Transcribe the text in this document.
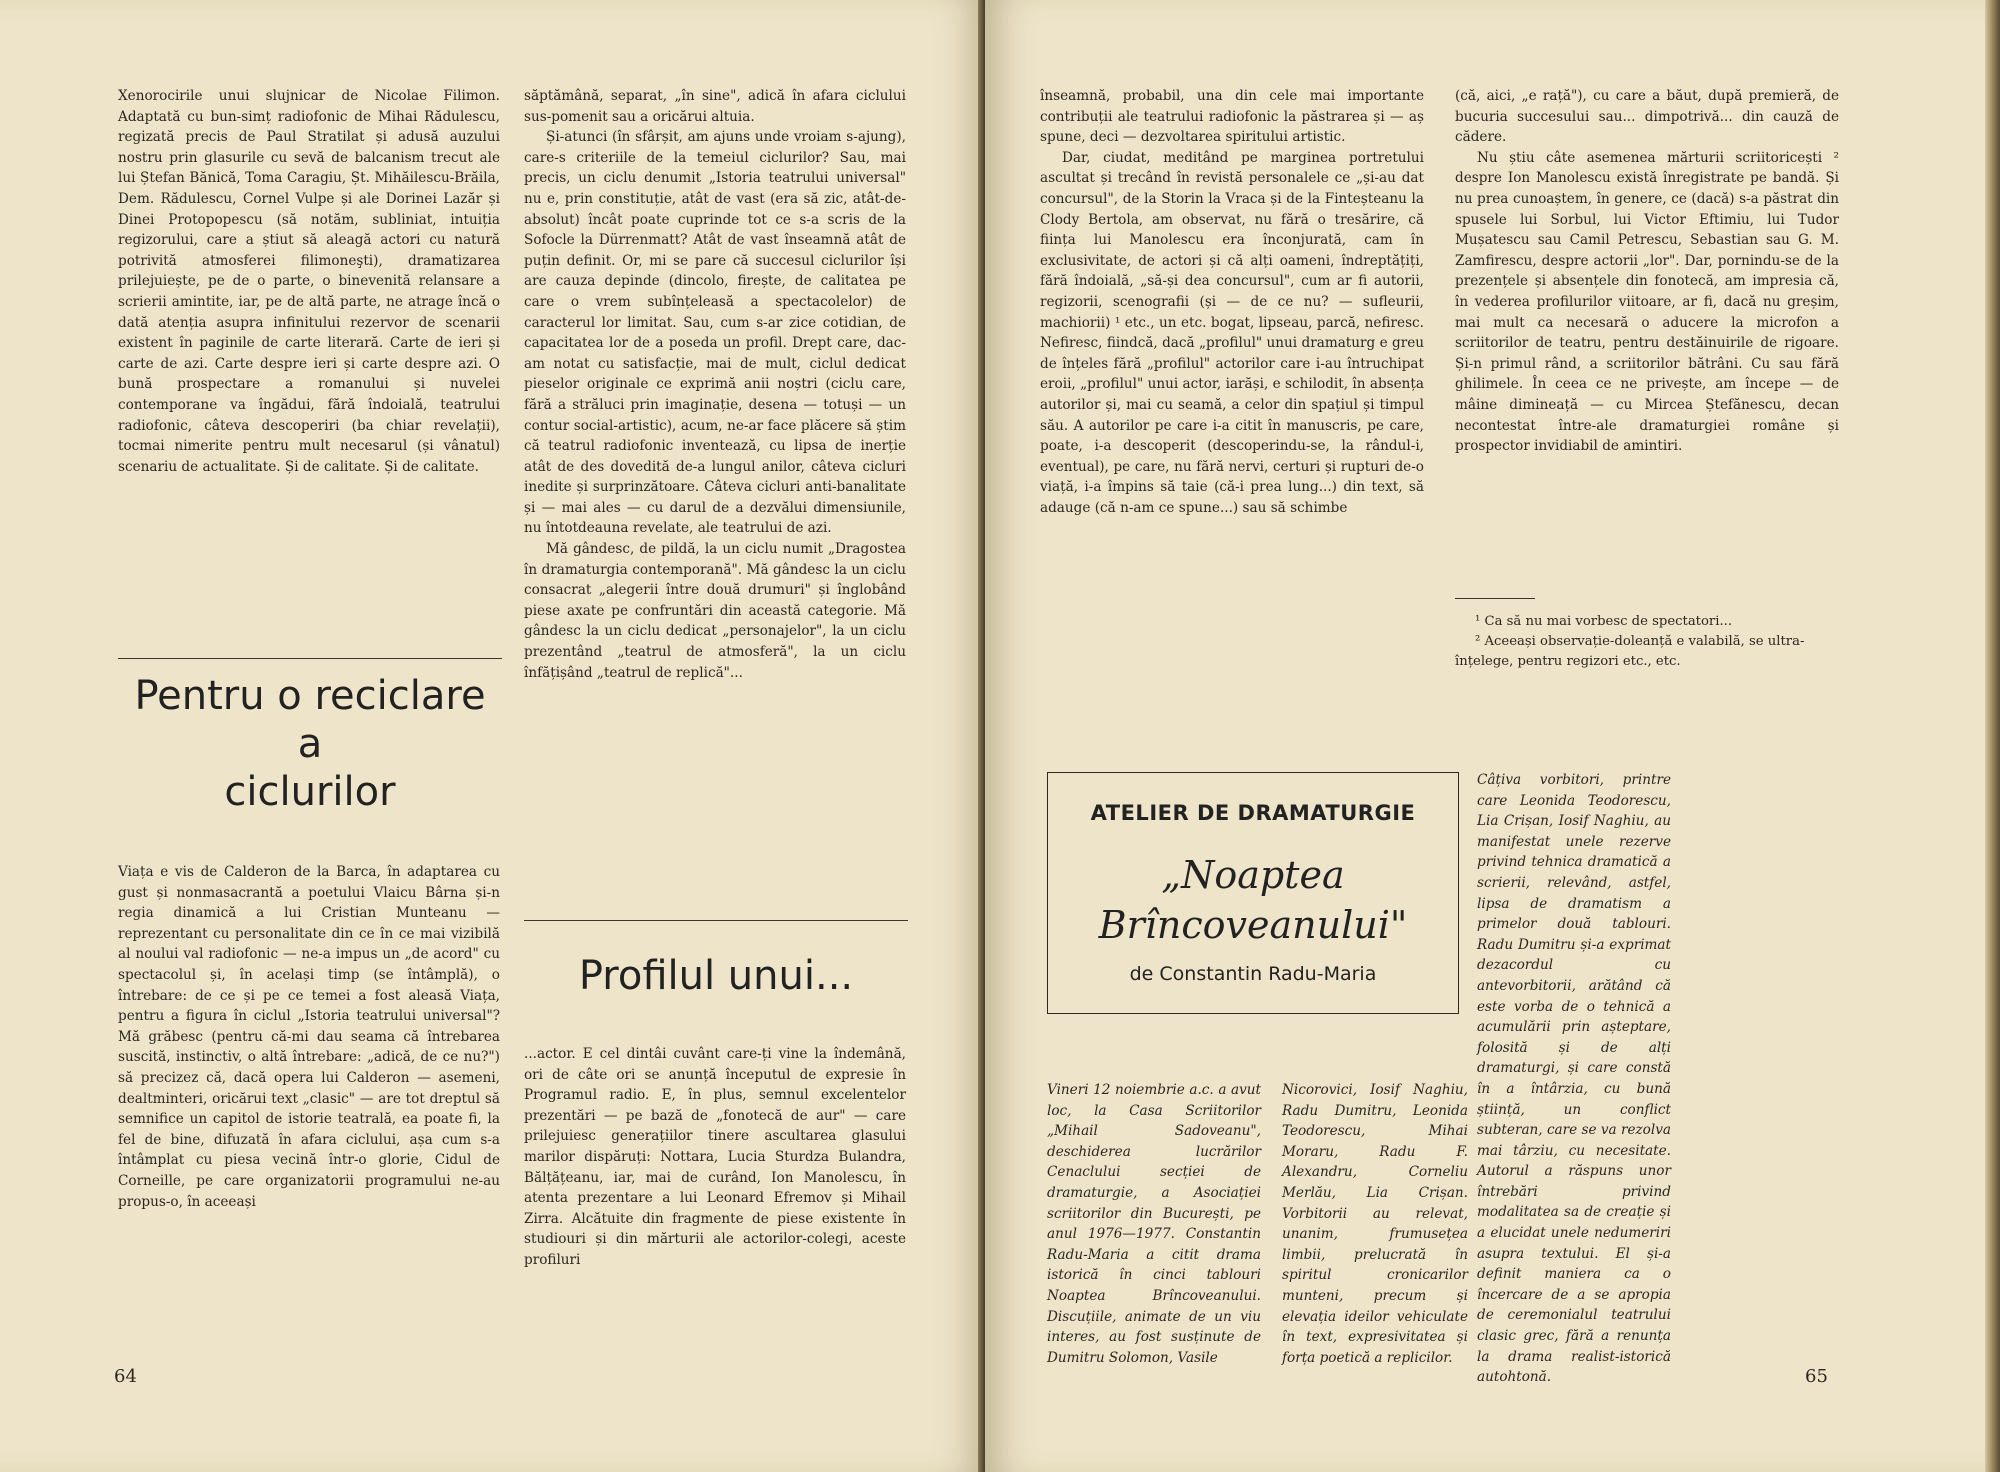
Xenorocirile unui slujnicar de Nicolae Filimon. Adaptată cu bun-simț radiofonic de Mihai Rădulescu, regizată precis de Paul Stratilat și adusă auzului nostru prin glasurile cu sevă de balcanism trecut ale lui Ștefan Bănică, Toma Caragiu, Șt. Mihăilescu-Brăila, Dem. Rădulescu, Cornel Vulpe și ale Dorinei Lazăr și Dinei Protopopescu (să notăm, subliniat, intuiția regizorului, care a știut să aleagă actori cu natură potrivită atmosferei filimoneşti), dramatizarea prilejuiește, pe de o parte, o binevenită relansare a scrierii amintite, iar, pe de altă parte, ne atrage încă o dată atenția asupra infinitului rezervor de scenarii existent în paginile de carte literară. Carte de ieri și carte de azi. Carte despre ieri și carte despre azi. O bună prospectare a romanului și nuvelei contemporane va îngădui, fără îndoială, teatrului radiofonic, câteva descoperiri (ba chiar revelații), tocmai nimerite pentru mult necesarul (și vânatul) scenariu de actualitate. Și de calitate. Și de calitate.

Pentru o reciclare
a
ciclurilor

Viața e vis de Calderon de la Barca, în adaptarea cu gust și nonmasacrantă a poetului Vlaicu Bârna și-n regia dinamică a lui Cristian Munteanu — reprezentant cu personalitate din ce în ce mai vizibilă al noului val radiofonic — ne-a impus un „de acord" cu spectacolul și, în același timp (se întâmplă), o întrebare: de ce și pe ce temei a fost aleasă Viața, pentru a figura în ciclul „Istoria teatrului universal"? Mă grăbesc (pentru că-mi dau seama că întrebarea suscită, instinctiv, o altă întrebare: „adică, de ce nu?") să precizez că, dacă opera lui Calderon — asemeni, dealtminteri, oricărui text „clasic" — are tot dreptul să semnifice un capitol de istorie teatrală, ea poate fi, la fel de bine, difuzată în afara ciclului, așa cum s-a întâmplat cu piesa vecină într-o glorie, Cidul de Corneille, pe care organizatorii programului ne-au propus-o, în aceeași

săptămână, separat, „în sine", adică în afara ciclului sus-pomenit sau a oricărui altuia.

Și-atunci (în sfârșit, am ajuns unde vroiam s-ajung), care-s criteriile de la temeiul ciclurilor? Sau, mai precis, un ciclu denumit „Istoria teatrului universal" nu e, prin constituție, atât de vast (era să zic, atât-de-absolut) încât poate cuprinde tot ce s-a scris de la Sofocle la Dürrenmatt? Atât de vast înseamnă atât de puțin definit. Or, mi se pare că succesul ciclurilor își are cauza depinde (dincolo, firește, de calitatea pe care o vrem subînțeleasă a spectacolelor) de caracterul lor limitat. Sau, cum s-ar zice cotidian, de capacitatea lor de a poseda un profil. Drept care, dac-am notat cu satisfacție, mai de mult, ciclul dedicat pieselor originale ce exprimă anii noștri (ciclu care, fără a străluci prin imaginație, desena — totuși — un contur social-artistic), acum, ne-ar face plăcere să știm că teatrul radiofonic inventează, cu lipsa de inerție atât de des dovedită de-a lungul anilor, câteva cicluri inedite și surprinzătoare. Câteva cicluri anti-banalitate și — mai ales — cu darul de a dezvălui dimensiunile, nu întotdeauna revelate, ale teatrului de azi.

Mă gândesc, de pildă, la un ciclu numit „Dragostea în dramaturgia contemporană". Mă gândesc la un ciclu consacrat „alegerii între două drumuri" și înglobând piese axate pe confruntări din această categorie. Mă gândesc la un ciclu dedicat „personajelor", la un ciclu prezentând „teatrul de atmosferă", la un ciclu înfățișând „teatrul de replică"...

Profilul unui...

...actor. E cel dintâi cuvânt care-ți vine la îndemână, ori de câte ori se anunță începutul de expresie în Programul radio. E, în plus, semnul excelentelor prezentări — pe bază de „fonotecă de aur" — care prilejuiesc generațiilor tinere ascultarea glasului marilor dispăruți: Nottara, Lucia Sturdza Bulandra, Bălțățeanu, iar, mai de curând, Ion Manolescu, în atenta prezentare a lui Leonard Efremov și Mihail Zirra. Alcătuite din fragmente de piese existente în studiouri și din mărturii ale actorilor-colegi, aceste profiluri

64

înseamnă, probabil, una din cele mai importante contribuții ale teatrului radiofonic la păstrarea și — aș spune, deci — dezvoltarea spiritului artistic.

Dar, ciudat, meditând pe marginea portretului ascultat și trecând în revistă personalele ce „și-au dat concursul", de la Storin la Vraca și de la Finteșteanu la Clody Bertola, am observat, nu fără o tresărire, că ființa lui Manolescu era înconjurată, cam în exclusivitate, de actori și că alți oameni, îndreptățiți, fără îndoială, „să-și dea concursul", cum ar fi autorii, regizorii, scenografii (și — de ce nu? — sufleurii, machiorii) ¹ etc., un etc. bogat, lipseau, parcă, nefiresc. Nefiresc, fiindcă, dacă „profilul" unui dramaturg e greu de înțeles fără „profilul" actorilor care i-au întruchipat eroii, „profilul" unui actor, iarăși, e schilodit, în absența autorilor și, mai cu seamă, a celor din spațiul și timpul său. A autorilor pe care i-a citit în manuscris, pe care, poate, i-a descoperit (descoperindu-se, la rândul-i, eventual), pe care, nu fără nervi, certuri și rupturi de-o viață, i-a împins să taie (că-i prea lung...) din text, să adauge (că n-am ce spune...) sau să schimbe

(că, aici, „e rață"), cu care a băut, după premieră, de bucuria succesului sau... dimpotrivă... din cauză de cădere.

Nu știu câte asemenea mărturii scriitoricești ² despre Ion Manolescu există înregistrate pe bandă. Și nu prea cunoaștem, în genere, ce (dacă) s-a păstrat din spusele lui Sorbul, lui Victor Eftimiu, lui Tudor Mușatescu sau Camil Petrescu, Sebastian sau G. M. Zamfirescu, despre actorii „lor". Dar, pornindu-se de la prezențele și absențele din fonotecă, am impresia că, în vederea profilurilor viitoare, ar fi, dacă nu greșim, mai mult ca necesară o aducere la microfon a scriitorilor de teatru, pentru destăinuirile de rigoare. Și-n primul rând, a scriitorilor bătrâni. Cu sau fără ghilimele. În ceea ce ne privește, am începe — de mâine dimineață — cu Mircea Ștefănescu, decan necontestat între-ale dramaturgiei române și prospector invidiabil de amintiri.

¹ Ca să nu mai vorbesc de spectatori...
² Aceeași observație-doleanță e valabilă, se ultra-înțelege, pentru regizori etc., etc.
ATELIER DE DRAMATURGIE
„Noaptea
Brîncoveanului"
de Constantin Radu-Maria
Vineri 12 noiembrie a.c. a avut loc, la Casa Scriitorilor „Mihail Sadoveanu", deschiderea lucrărilor Cenaclului secției de dramaturgie, a Asociației scriitorilor din București, pe anul 1976—1977. Constantin Radu-Maria a citit drama istorică în cinci tablouri Noaptea Brîncoveanului. Discuțiile, animate de un viu interes, au fost susținute de Dumitru Solomon, Vasile
Nicorovici, Iosif Naghiu, Radu Dumitru, Leonida Teodorescu, Mihai Moraru, Radu F. Alexandru, Corneliu Merlău, Lia Crișan. Vorbitorii au relevat, unanim, frumusețea limbii, prelucrată în spiritul cronicarilor munteni, precum și elevația ideilor vehiculate în text, expresivitatea și forța poetică a replicilor.
Câțiva vorbitori, printre care Leonida Teodorescu, Lia Crișan, Iosif Naghiu, au manifestat unele rezerve privind tehnica dramatică a scrierii, relevând, astfel, lipsa de dramatism a primelor două tablouri. Radu Dumitru și-a exprimat dezacordul cu antevorbitorii, arătând că este vorba de o tehnică a acumulării prin așteptare, folosită și de alți dramaturgi, și care constă în a întârzia, cu bună știință, un conflict subteran, care se va rezolva mai târziu, cu necesitate. Autorul a răspuns unor întrebări privind modalitatea sa de creație și a elucidat unele nedumeriri asupra textului. El și-a definit maniera ca o încercare de a se apropia de ceremonialul teatrului clasic grec, fără a renunța la drama realist-istorică autohtonă.	65
